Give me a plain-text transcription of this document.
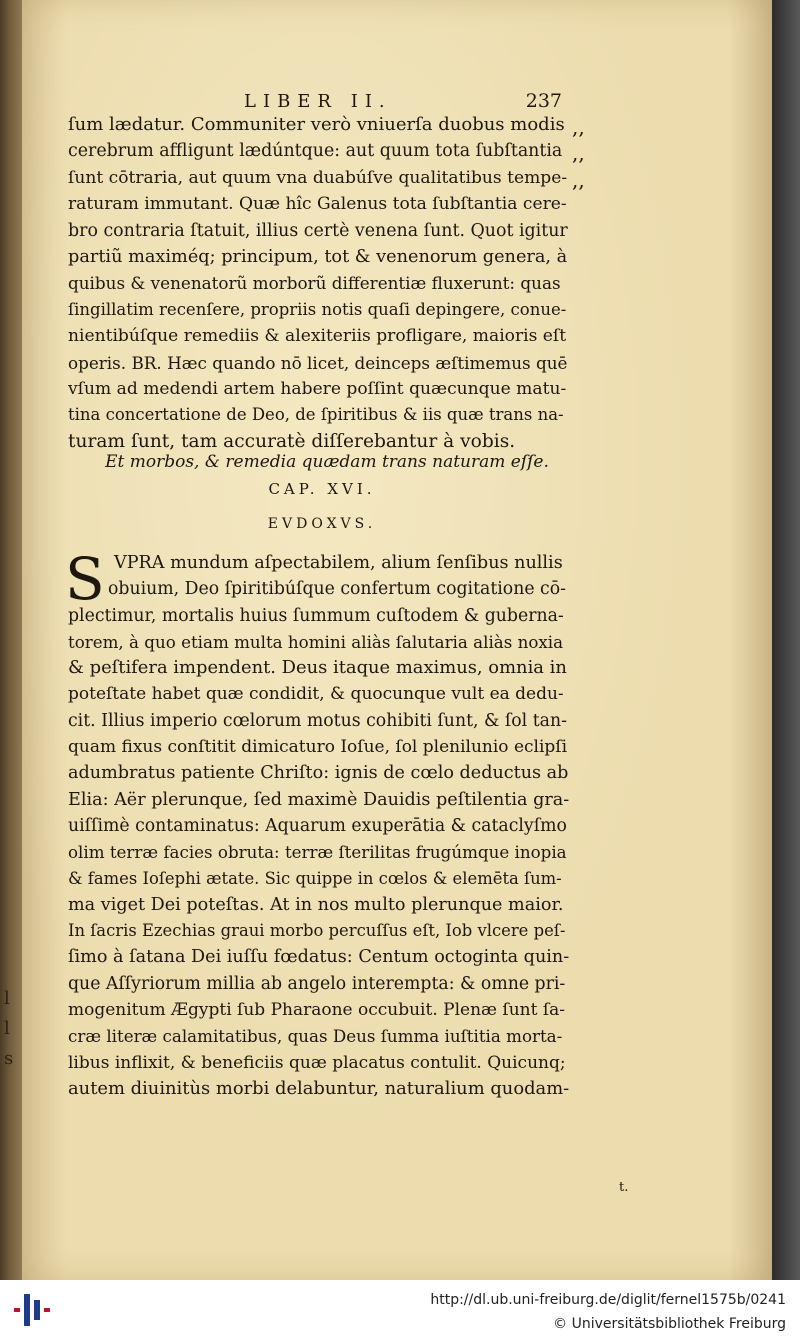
LIBER II.	237
,,
,,
,,
ſum lædatur. Communiter verò vniuerſa duobus modis
cerebrum affligunt lædúntque: aut quum tota ſubſtantia
ſunt cōtraria, aut quum vna duabúſve qualitatibus tempe-
raturam immutant. Quæ hîc Galenus tota ſubſtantia cere-
bro contraria ſtatuit, illius certè venena ſunt. Quot igitur
partiũ maximéq; principum, tot & venenorum genera, à
quibus & venenatorũ morborũ differentiæ fluxerunt: quas
ſingillatim recenſere, propriis notis quaſi depingere, conue-
nientibúſque remediis & alexiteriis profligare, maioris eſt
operis. BR. Hæc quando nō licet, deinceps æſtimemus quē
vſum ad medendi artem habere poſſint quæcunque matu-
tina concertatione de Deo, de ſpiritibus & iis quæ trans na-
turam ſunt, tam accuratè diſſerebantur à vobis.
Et morbos, & remedia quædam trans naturam eſſe.
CAP. XVI.
EVDOXVS.
S VPRA mundum aſpectabilem, alium ſenſibus nullis
obuium, Deo ſpiritibúſque confertum cogitatione cō-
plectimur, mortalis huius ſummum cuſtodem & guberna-
torem, à quo etiam multa homini aliàs ſalutaria aliàs noxia
& peſtifera impendent. Deus itaque maximus, omnia in
poteſtate habet quæ condidit, & quocunque vult ea dedu-
cit. Illius imperio cœlorum motus cohibiti ſunt, & ſol tan-
quam fixus conſtitit dimicaturo Ioſue, ſol plenilunio eclipſi
adumbratus patiente Chriſto: ignis de cœlo deductus ab
Elia: Aër plerunque, ſed maximè Dauidis peſtilentia gra-
uiſſimè contaminatus: Aquarum exuperātia & cataclyſmo
olim terræ facies obruta: terræ ſterilitas frugúmque inopia
& fames Ioſephi ætate. Sic quippe in cœlos & elemēta ſum-
ma viget Dei poteſtas. At in nos multo plerunque maior.
In ſacris Ezechias graui morbo percuſſus eſt, Iob vlcere peſ-
ſimo à ſatana Dei iuſſu fœdatus: Centum octoginta quin-
que Aſſyriorum millia ab angelo interempta: & omne pri-
mogenitum Ægypti ſub Pharaone occubuit. Plenæ ſunt ſa-
cræ literæ calamitatibus, quas Deus ſumma iuſtitia morta-
libus inflixit, & beneficiis quæ placatus contulit. Quicunq;
autem diuinitùs morbi delabuntur, naturalium quodam-
t.
l
l
s
http://dl.ub.uni-freiburg.de/diglit/fernel1575b/0241
© Universitätsbibliothek Freiburg
